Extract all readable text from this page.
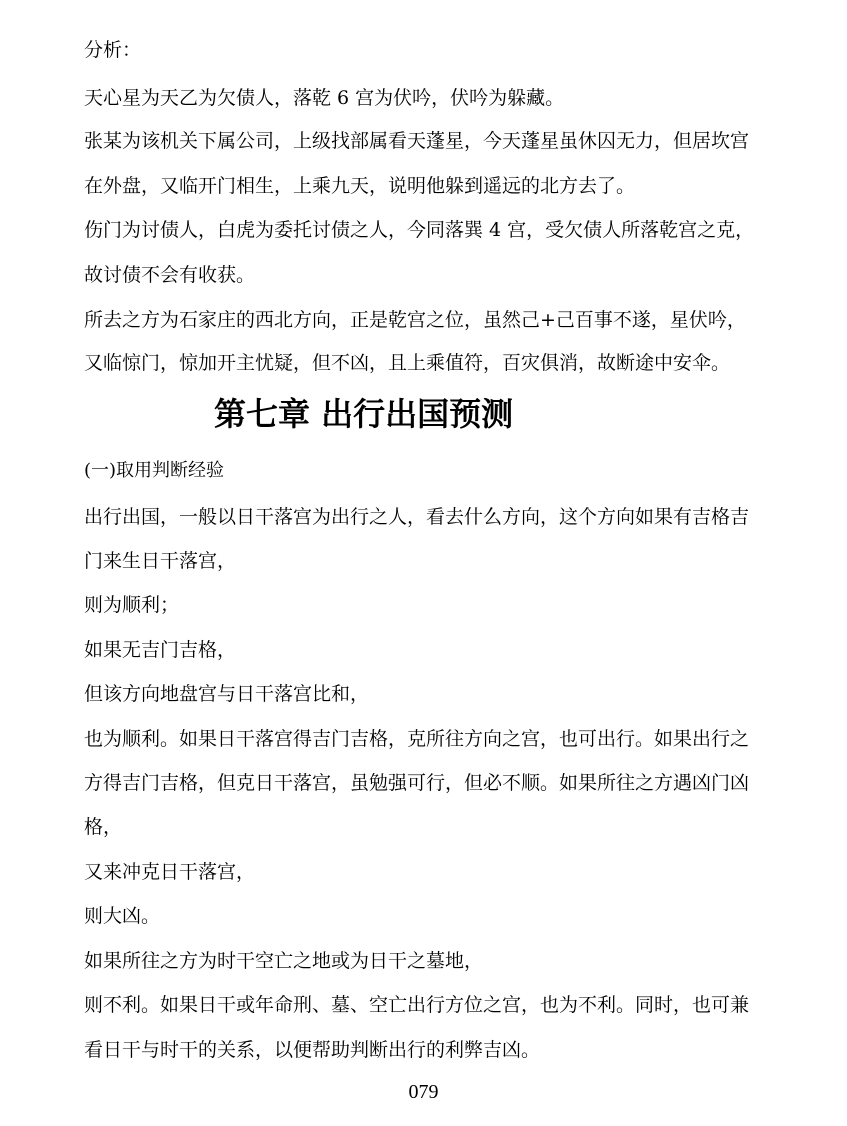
分析：
天心星为天乙为欠债人，落乾 6 宫为伏吟，伏吟为躲藏。
张某为该机关下属公司，上级找部属看天蓬星，今天蓬星虽休囚无力，但居坎宫
在外盘，又临开门相生，上乘九天，说明他躲到遥远的北方去了。
伤门为讨债人，白虎为委托讨债之人，今同落巽 4 宫，受欠债人所落乾宫之克，
故讨债不会有收获。
所去之方为石家庄的西北方向，正是乾宫之位，虽然己+己百事不遂，星伏吟，
又临惊门，惊加开主忧疑，但不凶，且上乘值符，百灾俱消，故断途中安伞。
第七章 出行出国预测
(一)取用判断经验
出行出国，一般以日干落宫为出行之人，看去什么方向，这个方向如果有吉格吉
门来生日干落宫，
则为顺利；
如果无吉门吉格，
但该方向地盘宫与日干落宫比和，
也为顺利。如果日干落宫得吉门吉格，克所往方向之宫，也可出行。如果出行之
方得吉门吉格，但克日干落宫，虽勉强可行，但必不顺。如果所往之方遇凶门凶
格，
又来冲克日干落宫，
则大凶。
如果所往之方为时干空亡之地或为日干之墓地，
则不利。如果日干或年命刑、墓、空亡出行方位之宫，也为不利。同时，也可兼
看日干与时干的关系，以便帮助判断出行的利弊吉凶。
079
